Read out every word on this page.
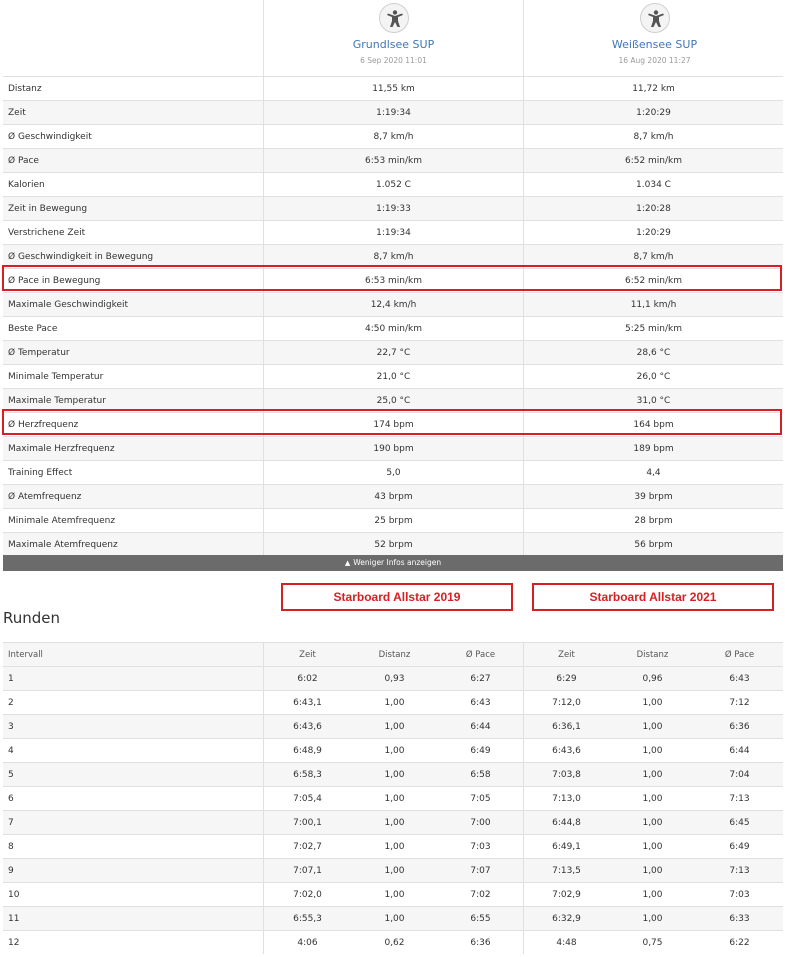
Grundlsee SUP
6 Sep 2020 11:01
Weißensee SUP
16 Aug 2020 11:27
Distanz	11,55 km	11,72 km
Zeit	1:19:34	1:20:29
Ø Geschwindigkeit	8,7 km/h	8,7 km/h
Ø Pace	6:53 min/km	6:52 min/km
Kalorien	1.052 C	1.034 C
Zeit in Bewegung	1:19:33	1:20:28
Verstrichene Zeit	1:19:34	1:20:29
Ø Geschwindigkeit in Bewegung	8,7 km/h	8,7 km/h
Ø Pace in Bewegung	6:53 min/km	6:52 min/km
Maximale Geschwindigkeit	12,4 km/h	11,1 km/h
Beste Pace	4:50 min/km	5:25 min/km
Ø Temperatur	22,7 °C	28,6 °C
Minimale Temperatur	21,0 °C	26,0 °C
Maximale Temperatur	25,0 °C	31,0 °C
Ø Herzfrequenz	174 bpm	164 bpm
Maximale Herzfrequenz	190 bpm	189 bpm
Training Effect	5,0	4,4
Ø Atemfrequenz	43 brpm	39 brpm
Minimale Atemfrequenz	25 brpm	28 brpm
Maximale Atemfrequenz	52 brpm	56 brpm
▲ Weniger Infos anzeigen
Starboard Allstar 2019	Starboard Allstar 2021
Runden
Intervall	Zeit	Distanz	Ø Pace	Zeit	Distanz	Ø Pace
1	6:02	0,93	6:27	6:29	0,96	6:43
2	6:43,1	1,00	6:43	7:12,0	1,00	7:12
3	6:43,6	1,00	6:44	6:36,1	1,00	6:36
4	6:48,9	1,00	6:49	6:43,6	1,00	6:44
5	6:58,3	1,00	6:58	7:03,8	1,00	7:04
6	7:05,4	1,00	7:05	7:13,0	1,00	7:13
7	7:00,1	1,00	7:00	6:44,8	1,00	6:45
8	7:02,7	1,00	7:03	6:49,1	1,00	6:49
9	7:07,1	1,00	7:07	7:13,5	1,00	7:13
10	7:02,0	1,00	7:02	7:02,9	1,00	7:03
11	6:55,3	1,00	6:55	6:32,9	1,00	6:33
12	4:06	0,62	6:36	4:48	0,75	6:22
